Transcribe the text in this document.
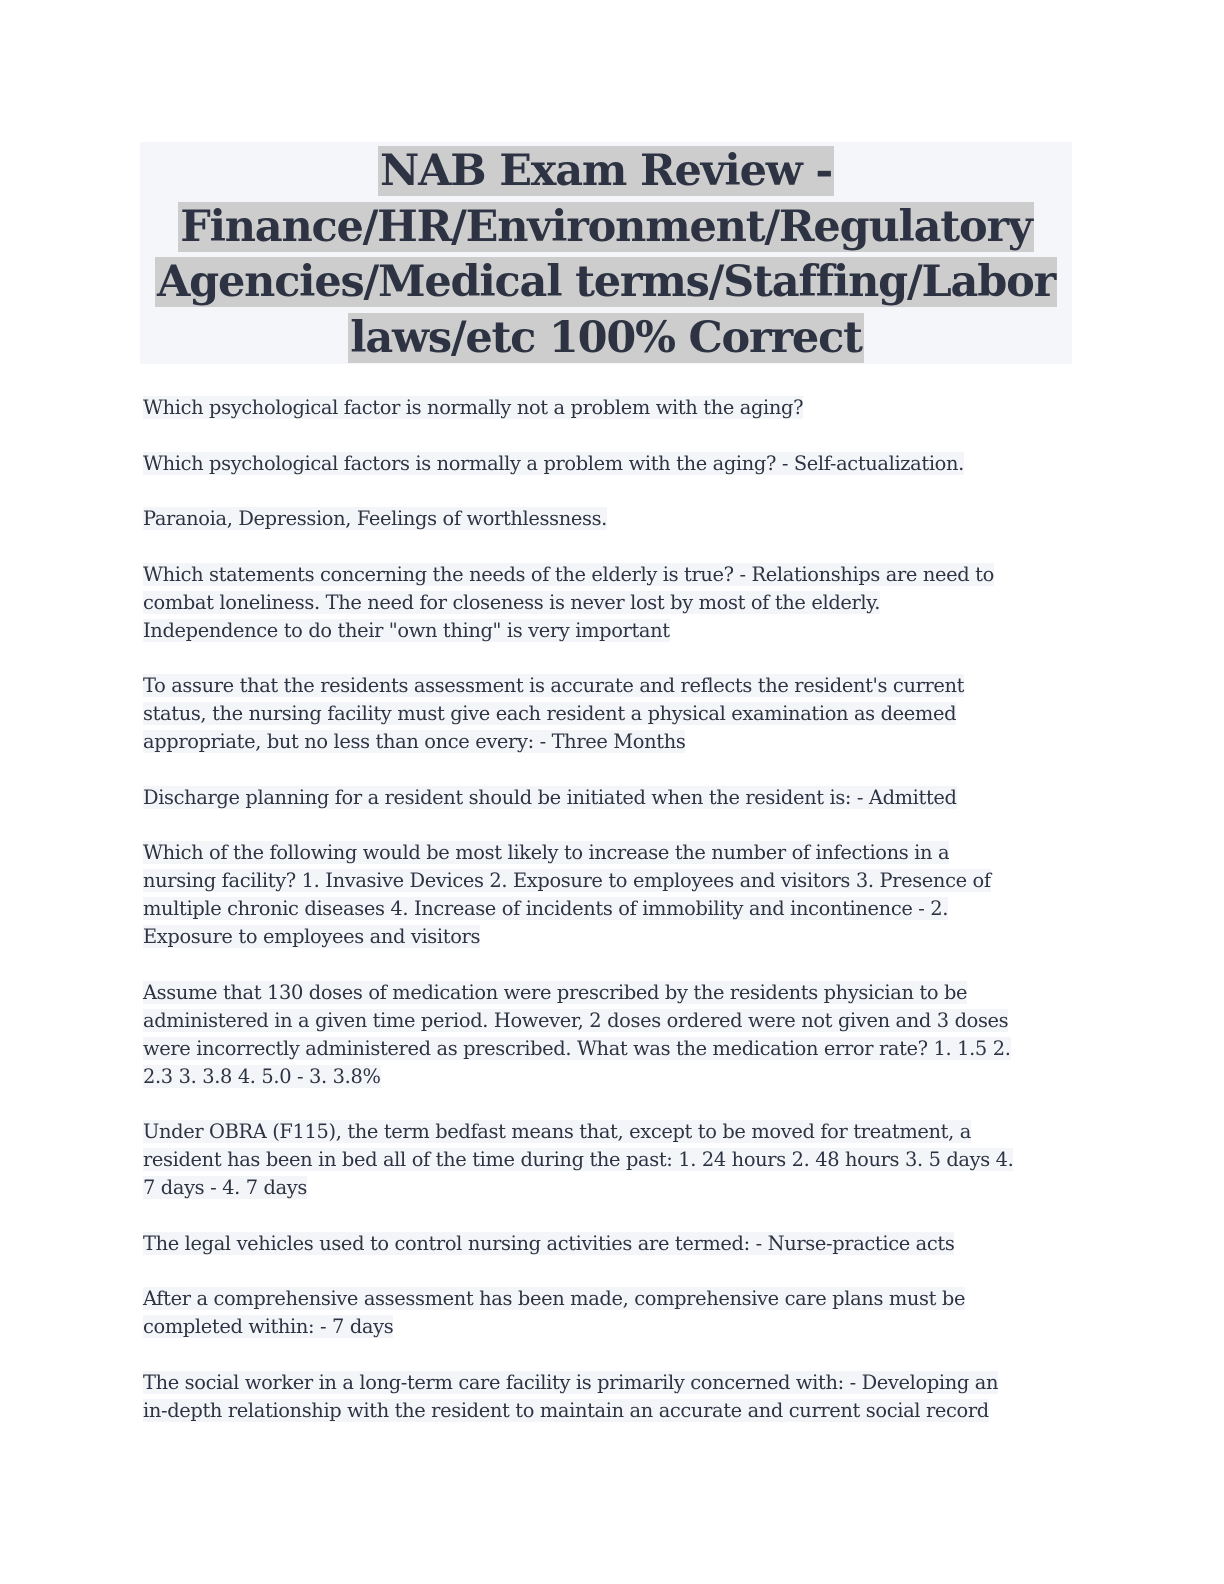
NAB Exam Review -
Finance/HR/Environment/Regulatory
Agencies/Medical terms/Staffing/Labor
laws/etc 100% Correct
Which psychological factor is normally not a problem with the aging?
Which psychological factors is normally a problem with the aging? - Self-actualization.
Paranoia, Depression, Feelings of worthlessness.
Which statements concerning the needs of the elderly is true? - Relationships are need to
combat loneliness. The need for closeness is never lost by most of the elderly.
Independence to do their "own thing" is very important
To assure that the residents assessment is accurate and reflects the resident's current
status, the nursing facility must give each resident a physical examination as deemed
appropriate, but no less than once every: - Three Months
Discharge planning for a resident should be initiated when the resident is: - Admitted
Which of the following would be most likely to increase the number of infections in a
nursing facility? 1. Invasive Devices 2. Exposure to employees and visitors 3. Presence of
multiple chronic diseases 4. Increase of incidents of immobility and incontinence - 2.
Exposure to employees and visitors
Assume that 130 doses of medication were prescribed by the residents physician to be
administered in a given time period. However, 2 doses ordered were not given and 3 doses
were incorrectly administered as prescribed. What was the medication error rate? 1. 1.5 2.
2.3 3. 3.8 4. 5.0 - 3. 3.8%
Under OBRA (F115), the term bedfast means that, except to be moved for treatment, a
resident has been in bed all of the time during the past: 1. 24 hours 2. 48 hours 3. 5 days 4.
7 days - 4. 7 days
The legal vehicles used to control nursing activities are termed: - Nurse-practice acts
After a comprehensive assessment has been made, comprehensive care plans must be
completed within: - 7 days
The social worker in a long-term care facility is primarily concerned with: - Developing an
in-depth relationship with the resident to maintain an accurate and current social record
